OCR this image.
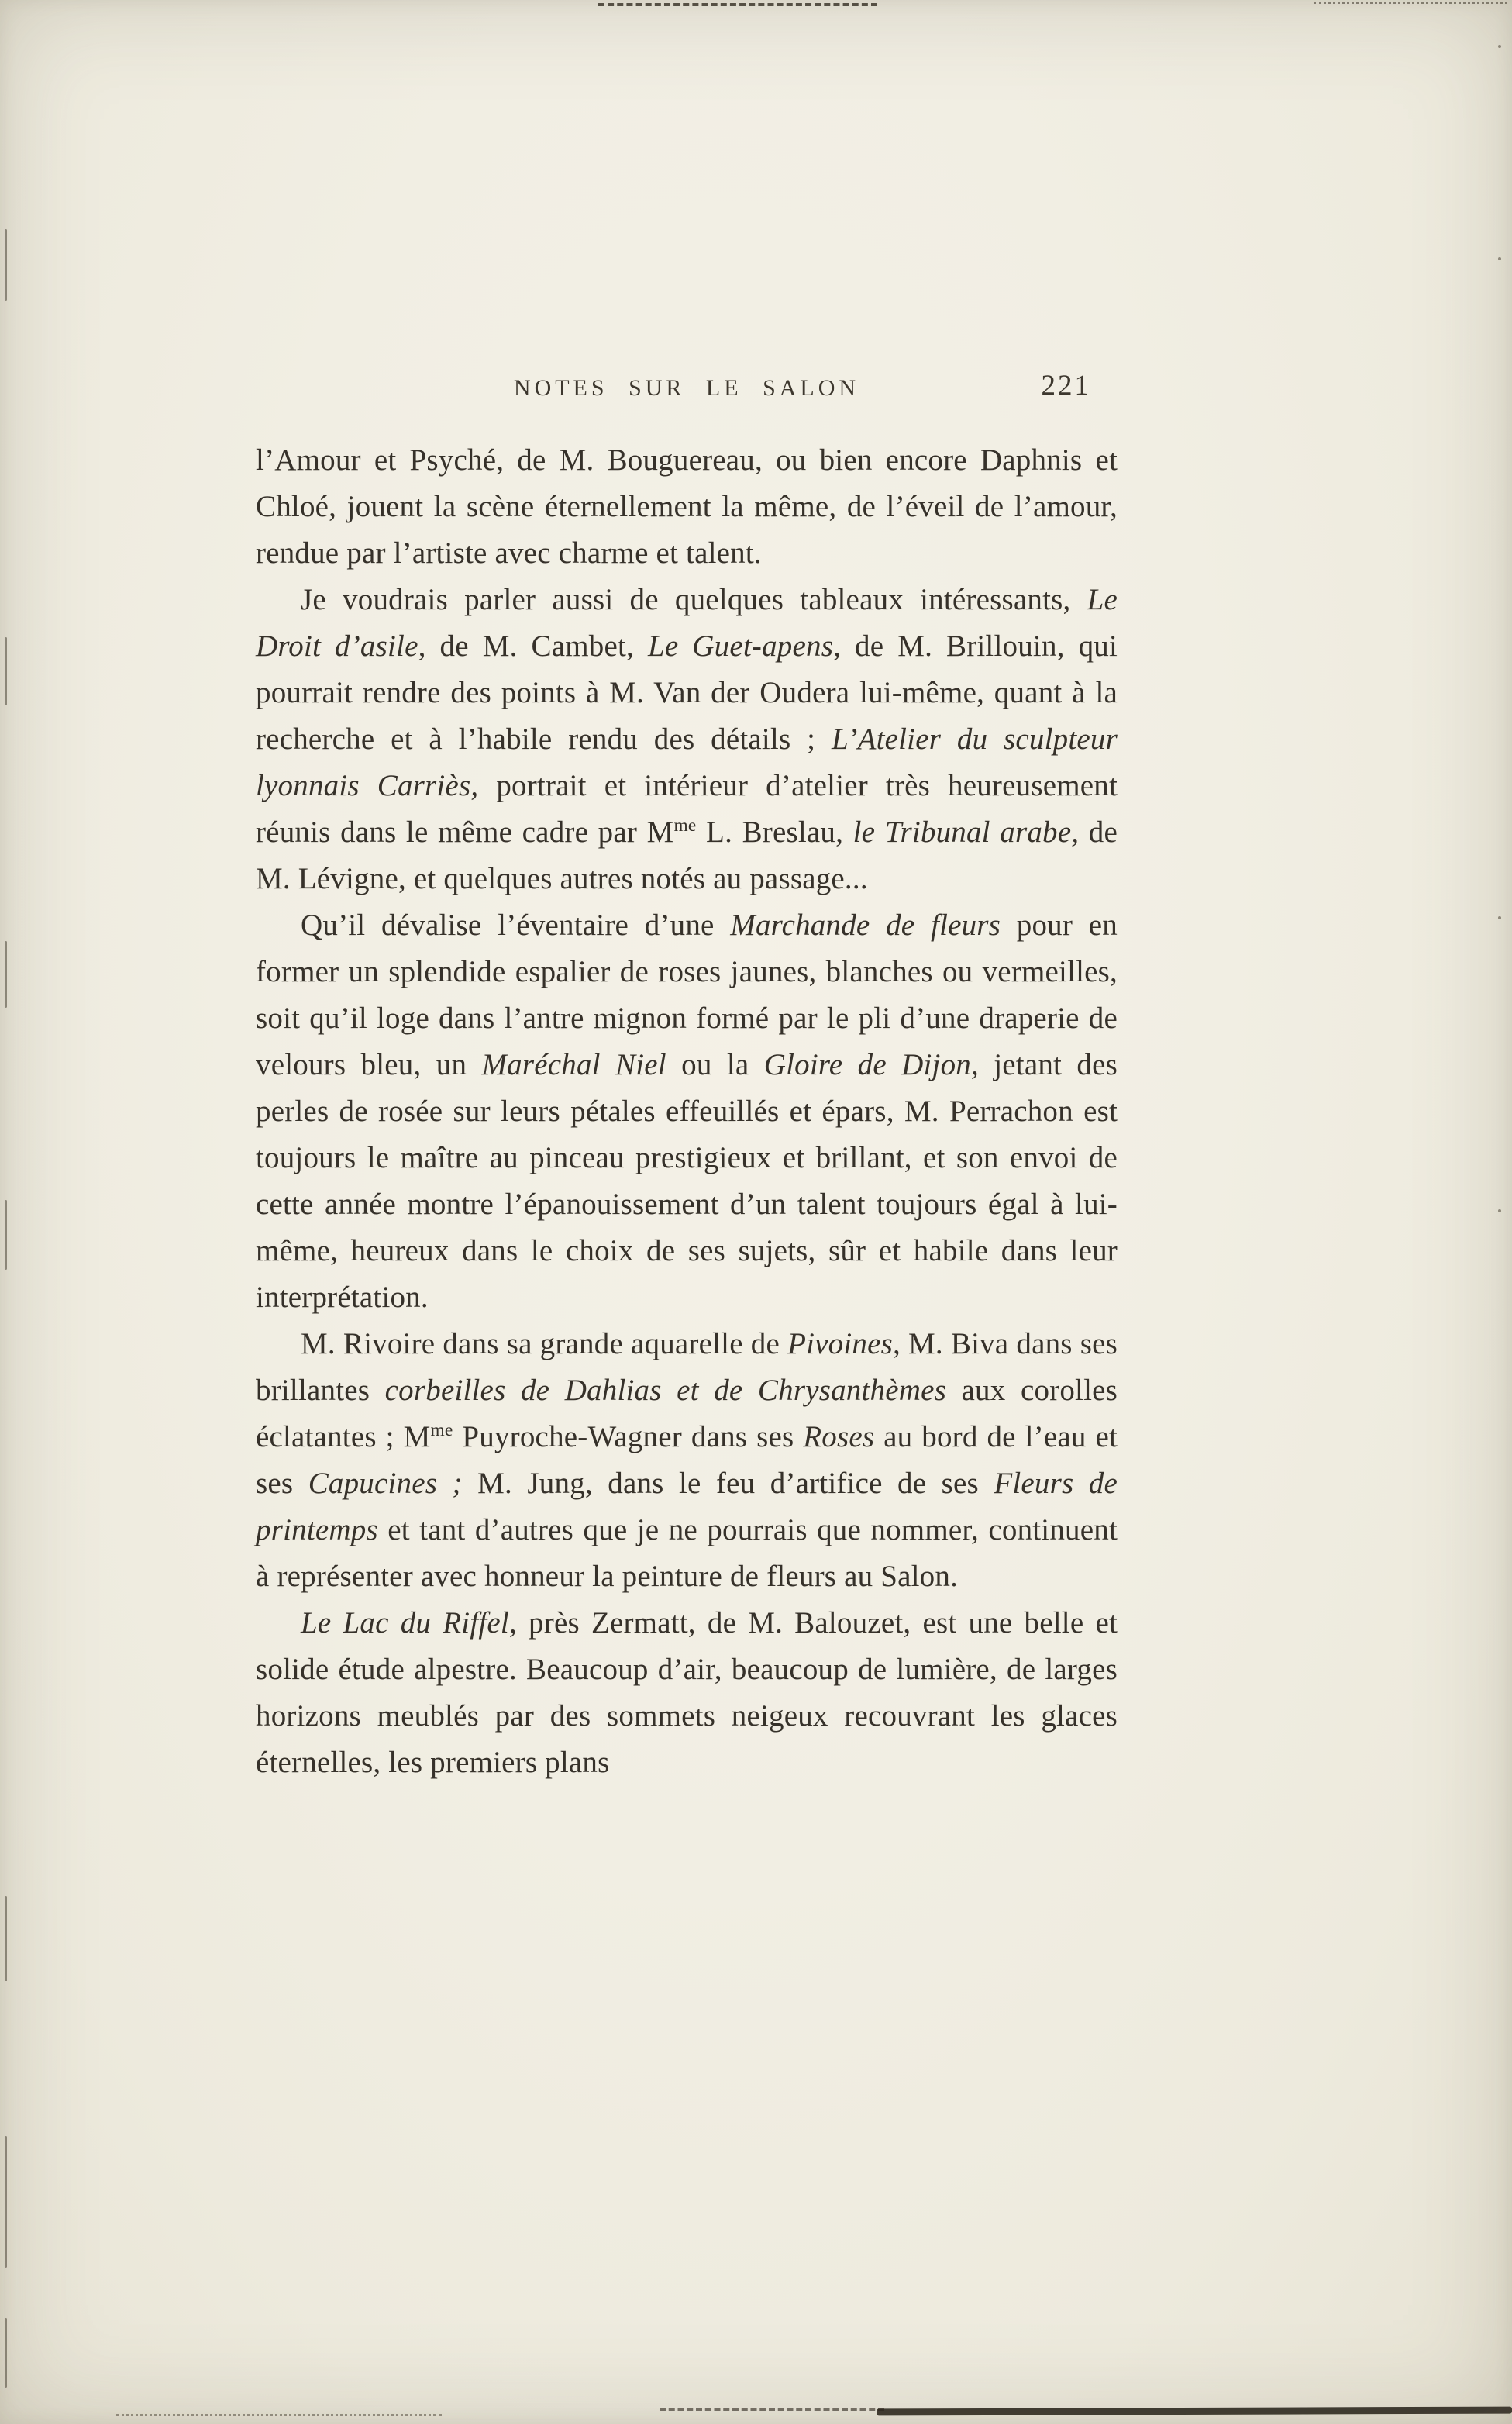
NOTES SUR LE SALON	221

l’Amour et Psyché, de M. Bouguereau, ou bien encore Daphnis et Chloé, jouent la scène éternellement la même, de l’éveil de l’amour, rendue par l’artiste avec charme et talent.

Je voudrais parler aussi de quelques tableaux intéressants, Le Droit d’asile, de M. Cambet, Le Guet-apens, de M. Brillouin, qui pourrait rendre des points à M. Van der Oudera lui-même, quant à la recherche et à l’habile rendu des détails ; L’Atelier du sculpteur lyonnais Carriès, portrait et intérieur d’atelier très heureusement réunis dans le même cadre par $M^{me}$ L. Breslau, le Tribunal arabe, de M. Lévigne, et quelques autres notés au passage...

Qu’il dévalise l’éventaire d’une Marchande de fleurs pour en former un splendide espalier de roses jaunes, blanches ou vermeilles, soit qu’il loge dans l’antre mignon formé par le pli d’une draperie de velours bleu, un Maréchal Niel ou la Gloire de Dijon, jetant des perles de rosée sur leurs pétales effeuillés et épars, M. Perrachon est toujours le maître au pinceau prestigieux et brillant, et son envoi de cette année montre l’épanouissement d’un talent toujours égal à lui-même, heureux dans le choix de ses sujets, sûr et habile dans leur interprétation.

M. Rivoire dans sa grande aquarelle de Pivoines, M. Biva dans ses brillantes corbeilles de Dahlias et de Chrysanthèmes aux corolles éclatantes ; $M^{me}$ Puyroche-Wagner dans ses Roses au bord de l’eau et ses Capucines ; M. Jung, dans le feu d’artifice de ses Fleurs de printemps et tant d’autres que je ne pourrais que nommer, continuent à représenter avec honneur la peinture de fleurs au Salon.

Le Lac du Riffel, près Zermatt, de M. Balouzet, est une belle et solide étude alpestre. Beaucoup d’air, beaucoup de lumière, de larges horizons meublés par des sommets neigeux recouvrant les glaces éternelles, les premiers plans
